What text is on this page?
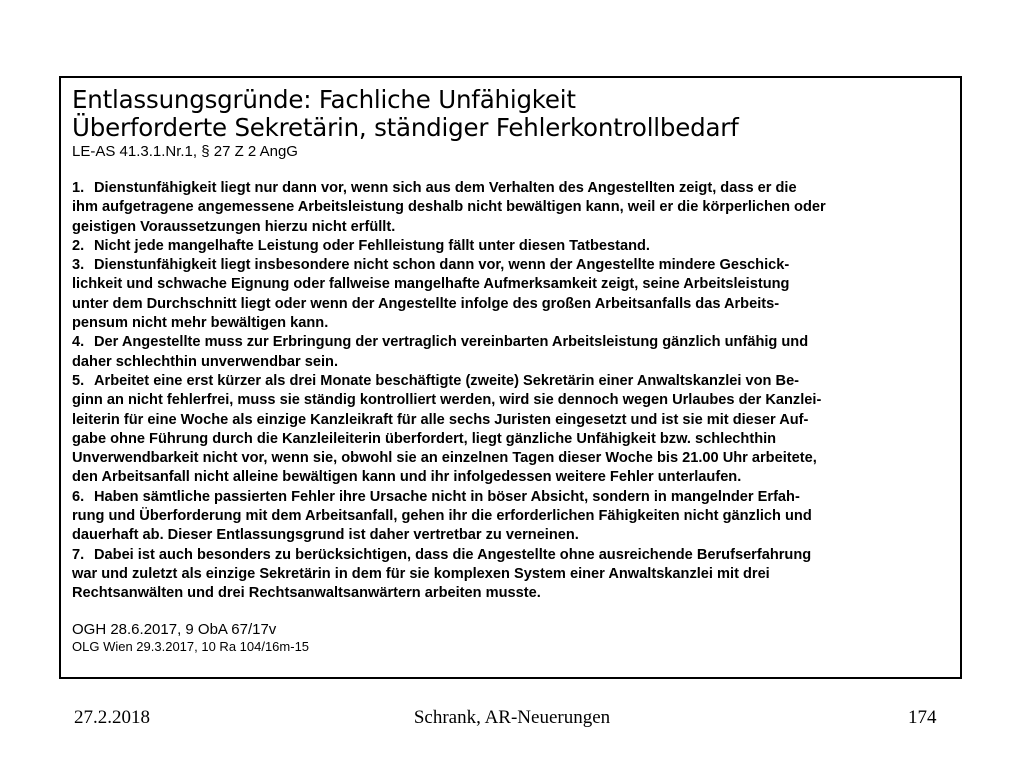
Entlassungsgründe: Fachliche Unfähigkeit
Überforderte Sekretärin, ständiger Fehlerkontrollbedarf
LE-AS 41.3.1.Nr.1, § 27 Z 2 AngG
1. Dienstunfähigkeit liegt nur dann vor, wenn sich aus dem Verhalten des Angestellten zeigt, dass er die
ihm aufgetragene angemessene Arbeitsleistung deshalb nicht bewältigen kann, weil er die körperlichen oder
geistigen Voraussetzungen hierzu nicht erfüllt.
2. Nicht jede mangelhafte Leistung oder Fehlleistung fällt unter diesen Tatbestand.
3. Dienstunfähigkeit liegt insbesondere nicht schon dann vor, wenn der Angestellte mindere Geschick-
lichkeit und schwache Eignung oder fallweise mangelhafte Aufmerksamkeit zeigt, seine Arbeitsleistung
unter dem Durchschnitt liegt oder wenn der Angestellte infolge des großen Arbeitsanfalls das Arbeits-
pensum nicht mehr bewältigen kann.
4. Der Angestellte muss zur Erbringung der vertraglich vereinbarten Arbeitsleistung gänzlich unfähig und
daher schlechthin unverwendbar sein.
5. Arbeitet eine erst kürzer als drei Monate beschäftigte (zweite) Sekretärin einer Anwaltskanzlei von Be-
ginn an nicht fehlerfrei, muss sie ständig kontrolliert werden, wird sie dennoch wegen Urlaubes der Kanzlei-
leiterin für eine Woche als einzige Kanzleikraft für alle sechs Juristen eingesetzt und ist sie mit dieser Auf-
gabe ohne Führung durch die Kanzleileiterin überfordert, liegt gänzliche Unfähigkeit bzw. schlechthin
Unverwendbarkeit nicht vor, wenn sie, obwohl sie an einzelnen Tagen dieser Woche bis 21.00 Uhr arbeitete,
den Arbeitsanfall nicht alleine bewältigen kann und ihr infolgedessen weitere Fehler unterlaufen.
6. Haben sämtliche passierten Fehler ihre Ursache nicht in böser Absicht, sondern in mangelnder Erfah-
rung und Überforderung mit dem Arbeitsanfall, gehen ihr die erforderlichen Fähigkeiten nicht gänzlich und
dauerhaft ab. Dieser Entlassungsgrund ist daher vertretbar zu verneinen.
7. Dabei ist auch besonders zu berücksichtigen, dass die Angestellte ohne ausreichende Berufserfahrung
war und zuletzt als einzige Sekretärin in dem für sie komplexen System einer Anwaltskanzlei mit drei
Rechtsanwälten und drei Rechtsanwaltsanwärtern arbeiten musste.
OGH 28.6.2017, 9 ObA 67/17v
OLG Wien 29.3.2017, 10 Ra 104/16m-15
27.2.2018	Schrank, AR-Neuerungen	174
